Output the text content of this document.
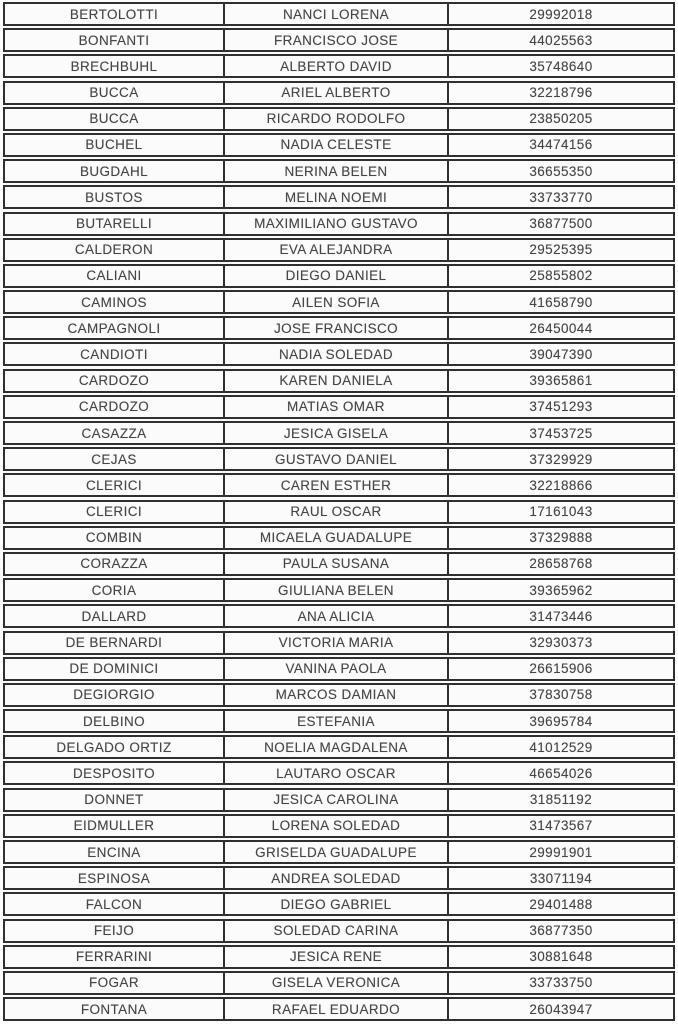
BERTOLOTTI	NANCI LORENA	29992018
BONFANTI	FRANCISCO JOSE	44025563
BRECHBUHL	ALBERTO DAVID	35748640
BUCCA	ARIEL ALBERTO	32218796
BUCCA	RICARDO RODOLFO	23850205
BUCHEL	NADIA CELESTE	34474156
BUGDAHL	NERINA BELEN	36655350
BUSTOS	MELINA NOEMI	33733770
BUTARELLI	MAXIMILIANO GUSTAVO	36877500
CALDERON	EVA ALEJANDRA	29525395
CALIANI	DIEGO DANIEL	25855802
CAMINOS	AILEN SOFIA	41658790
CAMPAGNOLI	JOSE FRANCISCO	26450044
CANDIOTI	NADIA SOLEDAD	39047390
CARDOZO	KAREN DANIELA	39365861
CARDOZO	MATIAS OMAR	37451293
CASAZZA	JESICA GISELA	37453725
CEJAS	GUSTAVO DANIEL	37329929
CLERICI	CAREN ESTHER	32218866
CLERICI	RAUL OSCAR	17161043
COMBIN	MICAELA GUADALUPE	37329888
CORAZZA	PAULA SUSANA	28658768
CORIA	GIULIANA BELEN	39365962
DALLARD	ANA ALICIA	31473446
DE BERNARDI	VICTORIA MARIA	32930373
DE DOMINICI	VANINA PAOLA	26615906
DEGIORGIO	MARCOS DAMIAN	37830758
DELBINO	ESTEFANIA	39695784
DELGADO ORTIZ	NOELIA MAGDALENA	41012529
DESPOSITO	LAUTARO OSCAR	46654026
DONNET	JESICA CAROLINA	31851192
EIDMULLER	LORENA SOLEDAD	31473567
ENCINA	GRISELDA GUADALUPE	29991901
ESPINOSA	ANDREA SOLEDAD	33071194
FALCON	DIEGO GABRIEL	29401488
FEIJO	SOLEDAD CARINA	36877350
FERRARINI	JESICA RENE	30881648
FOGAR	GISELA VERONICA	33733750
FONTANA	RAFAEL EDUARDO	26043947
